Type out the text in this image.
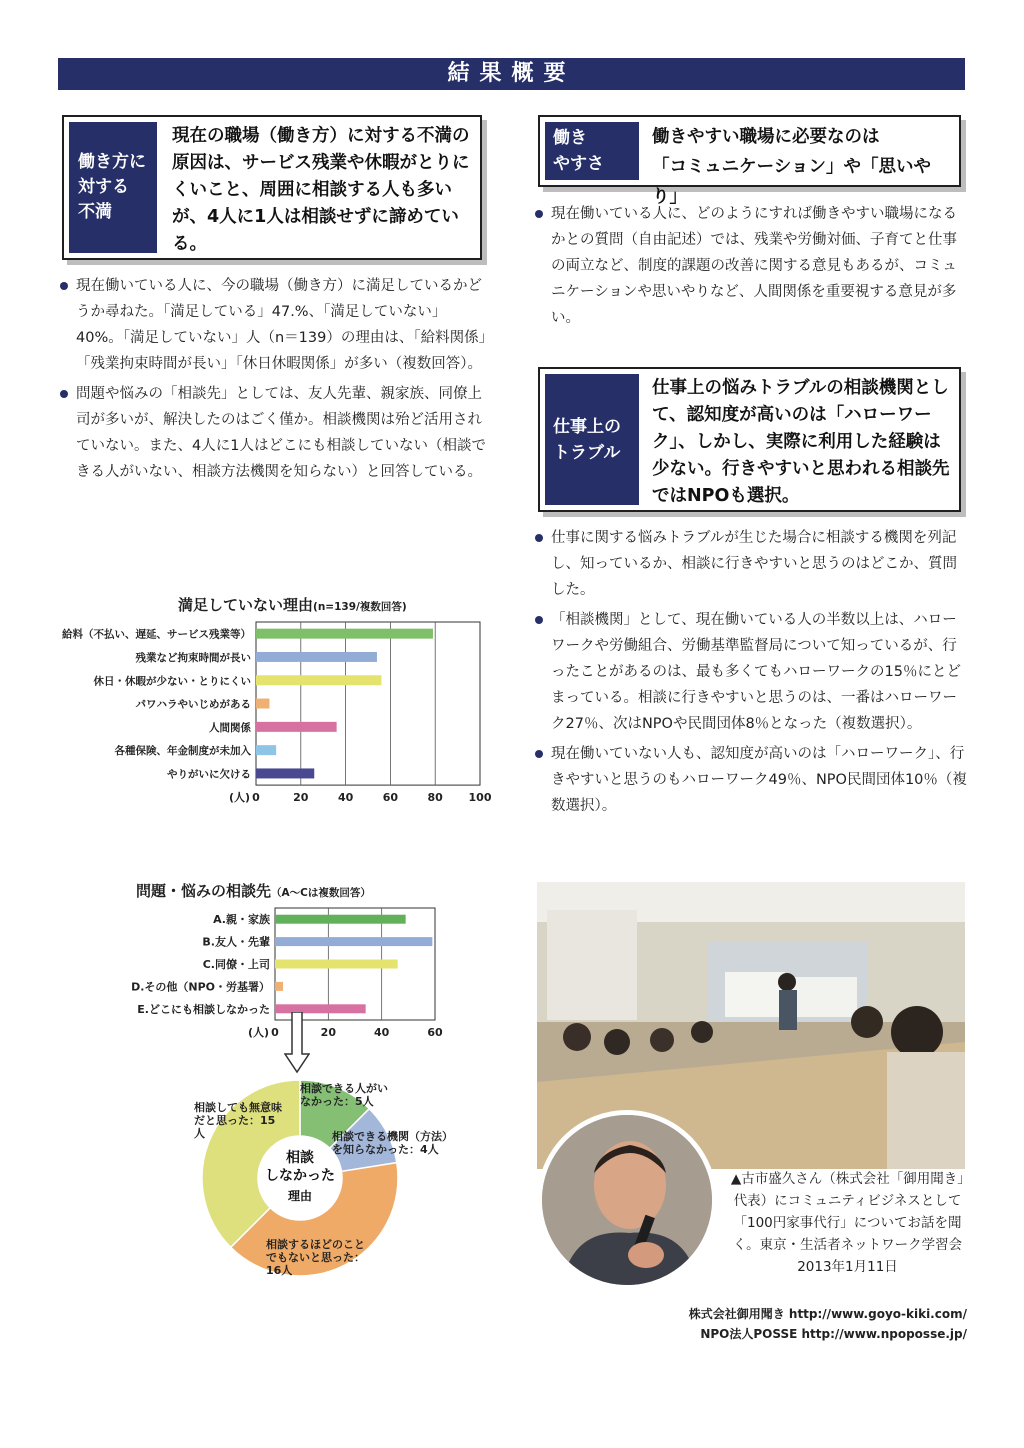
結果概要
働き方に
対する
不満
現在の職場（働き方）に対する不満の原因は、サービス残業や休暇がとりにくいこと、周囲に相談する人も多いが、4人に1人は相談せずに諦めている。

現在働いている人に、今の職場（働き方）に満足しているかどうか尋ねた。「満足している」47.%、「満足していない」40%。「満足していない」人（n＝139）の理由は、「給料関係」「残業拘束時間が長い」「休日休暇関係」が多い（複数回答）。

問題や悩みの「相談先」としては、友人先輩、親家族、同僚上司が多いが、解決したのはごく僅か。相談機関は殆ど活用されていない。また、4人に1人はどこにも相談していない（相談できる人がいない、相談方法機関を知らない）と回答している。

働き
やすさ
働きやすい職場に必要なのは
「コミュニケーション」や「思いやり」

現在働いている人に、どのようにすれば働きやすい職場になるかとの質問（自由記述）では、残業や労働対価、子育てと仕事の両立など、制度的課題の改善に関する意見もあるが、コミュニケーションや思いやりなど、人間関係を重要視する意見が多い。

仕事上の
トラブル
仕事上の悩みトラブルの相談機関として、認知度が高いのは「ハローワーク」、しかし、実際に利用した経験は少ない。行きやすいと思われる相談先ではNPOも選択。

仕事に関する悩みトラブルが生じた場合に相談する機関を列記し、知っているか、相談に行きやすいと思うのはどこか、質問した。

「相談機関」として、現在働いている人の半数以上は、ハローワークや労働組合、労働基準監督局について知っているが、行ったことがあるのは、最も多くてもハローワークの15％にとどまっている。相談に行きやすいと思うのは、一番はハローワーク27％、次はNPOや民間団体8％となった（複数選択）。

現在働いていない人も、認知度が高いのは「ハローワーク」、行きやすいと思うのもハローワーク49％、NPO民間団体10％（複数選択）。

満足していない理由(n=139/複数回答)
0	20	40	60	80 100
(人)
給料（不払い、遅延、サービス残業等）
残業など拘束時間が長い
休日・休暇が少ない・とりにくい
パワハラやいじめがある
人間関係
各種保険、年金制度が未加入
やりがいに欠ける
問題・悩みの相談先（A〜Cは複数回答）
0	20	40	60
(人)
A.親・家族
B.友人・先輩
C.同僚・上司
D.その他（NPO・労基署）
E.どこにも相談しなかった
相談できる人がいなかった：5人
相談できる機関（方法）を知らなかった：4人
相談するほどのことでもないと思った： 16人
相談しても無意味だと思った：15 人
相談しなかった理由
▲古市盛久さん（株式会社「御用聞き」代表）にコミュニティビジネスとして「100円家事代行」についてお話を聞く。東京・生活者ネットワーク学習会　2013年1月11日
株式会社御用聞き http://www.goyo-kiki.com/
NPO法人POSSE http://www.npoposse.jp/
